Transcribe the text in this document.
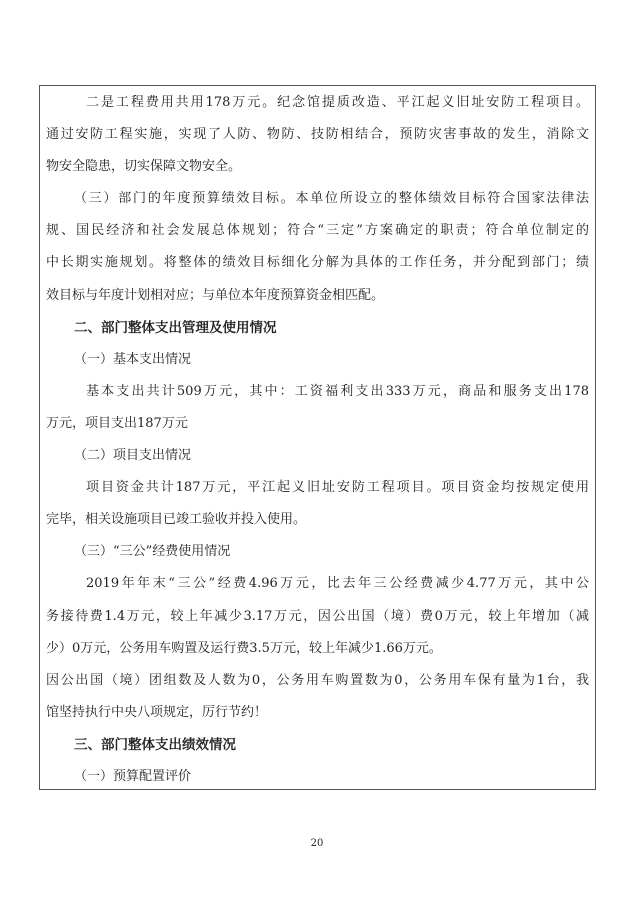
二是工程费用共用178万元。纪念馆提质改造、平江起义旧址安防工程项目。
通过安防工程实施，实现了人防、物防、技防相结合，预防灾害事故的发生，消除文
物安全隐患，切实保障文物安全。
（三）部门的年度预算绩效目标。本单位所设立的整体绩效目标符合国家法律法
规、国民经济和社会发展总体规划；符合“三定”方案确定的职责；符合单位制定的
中长期实施规划。将整体的绩效目标细化分解为具体的工作任务，并分配到部门；绩
效目标与年度计划相对应；与单位本年度预算资金相匹配。
二、部门整体支出管理及使用情况
（一）基本支出情况
基本支出共计509万元，其中：工资福利支出333万元，商品和服务支出178
万元，项目支出187万元
（二）项目支出情况
项目资金共计187万元，平江起义旧址安防工程项目。项目资金均按规定使用
完毕，相关设施项目已竣工验收并投入使用。
（三）“三公”经费使用情况
2019年年末“三公”经费4.96万元，比去年三公经费减少4.77万元，其中公
务接待费1.4万元，较上年减少3.17万元，因公出国（境）费0万元，较上年增加（减
少）0万元，公务用车购置及运行费3.5万元，较上年减少1.66万元。
因公出国（境）团组数及人数为0，公务用车购置数为0，公务用车保有量为1台，我
馆坚持执行中央八项规定，厉行节约！
三、部门整体支出绩效情况
（一）预算配置评价
20
